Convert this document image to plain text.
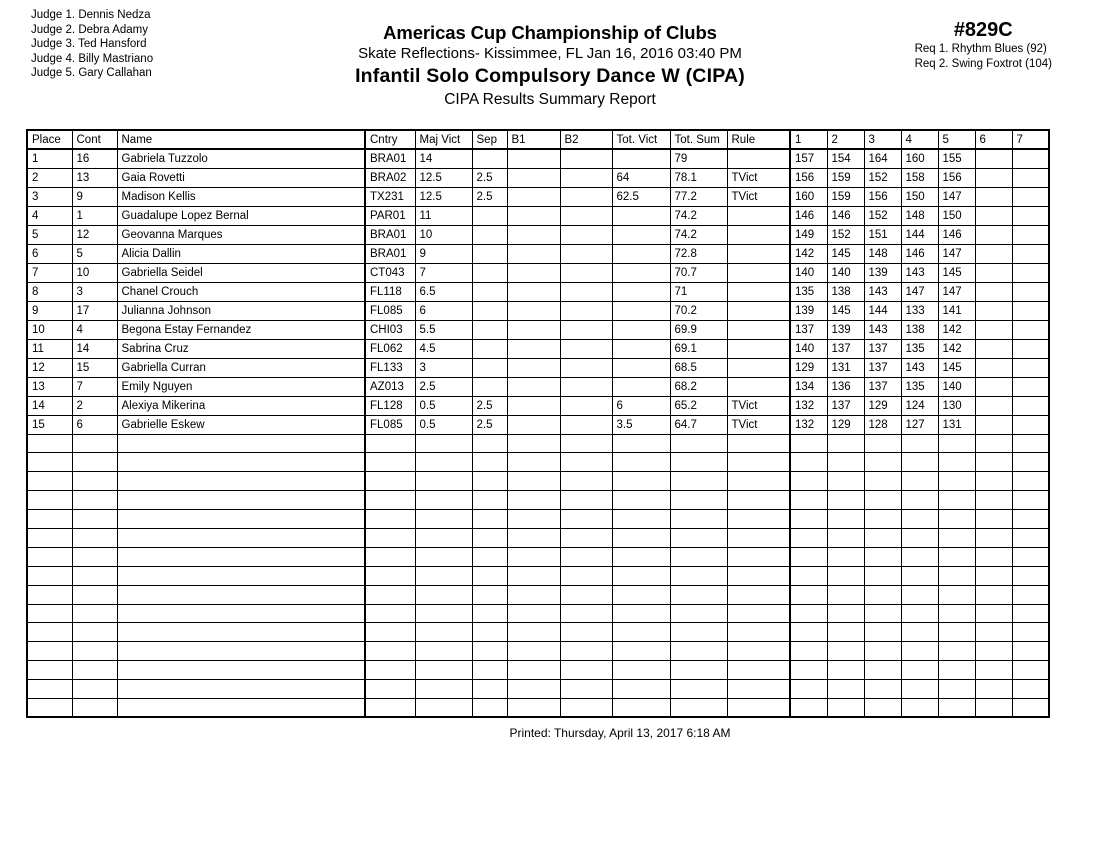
Judge 1. Dennis Nedza
Judge 2. Debra Adamy
Judge 3. Ted Hansford
Judge 4. Billy Mastriano
Judge 5. Gary Callahan
Americas Cup Championship of Clubs
Skate Reflections- Kissimmee, FL Jan 16, 2016 03:40 PM
Infantil Solo Compulsory Dance W (CIPA)
CIPA Results Summary Report
#829C
Req 1. Rhythm Blues (92)
Req 2. Swing Foxtrot (104)
Place	Cont	Name	Cntry	Maj Vict	Sep	B1	B2	Tot. Vict	Tot. Sum	Rule	1	2	3	4	5	6	7
1	16	Gabriela Tuzzolo	BRA01	14					79		157	154	164	160	155		
2	13	Gaia Rovetti	BRA02	12.5	2.5			64	78.1	TVict	156	159	152	158	156		
3	9	Madison Kellis	TX231	12.5	2.5			62.5	77.2	TVict	160	159	156	150	147		
4	1	Guadalupe Lopez Bernal	PAR01	11					74.2		146	146	152	148	150		
5	12	Geovanna Marques	BRA01	10					74.2		149	152	151	144	146		
6	5	Alicia Dallin	BRA01	9					72.8		142	145	148	146	147		
7	10	Gabriella Seidel	CT043	7					70.7		140	140	139	143	145		
8	3	Chanel Crouch	FL118	6.5					71		135	138	143	147	147		
9	17	Julianna Johnson	FL085	6					70.2		139	145	144	133	141		
10	4	Begona Estay Fernandez	CHI03	5.5					69.9		137	139	143	138	142		
11	14	Sabrina Cruz	FL062	4.5					69.1		140	137	137	135	142		
12	15	Gabriella Curran	FL133	3					68.5		129	131	137	143	145		
13	7	Emily Nguyen	AZ013	2.5					68.2		134	136	137	135	140		
14	2	Alexiya Mikerina	FL128	0.5	2.5			6	65.2	TVict	132	137	129	124	130		
15	6	Gabrielle Eskew	FL085	0.5	2.5			3.5	64.7	TVict	132	129	128	127	131		

Printed: Thursday, April 13, 2017 6:18 AM
